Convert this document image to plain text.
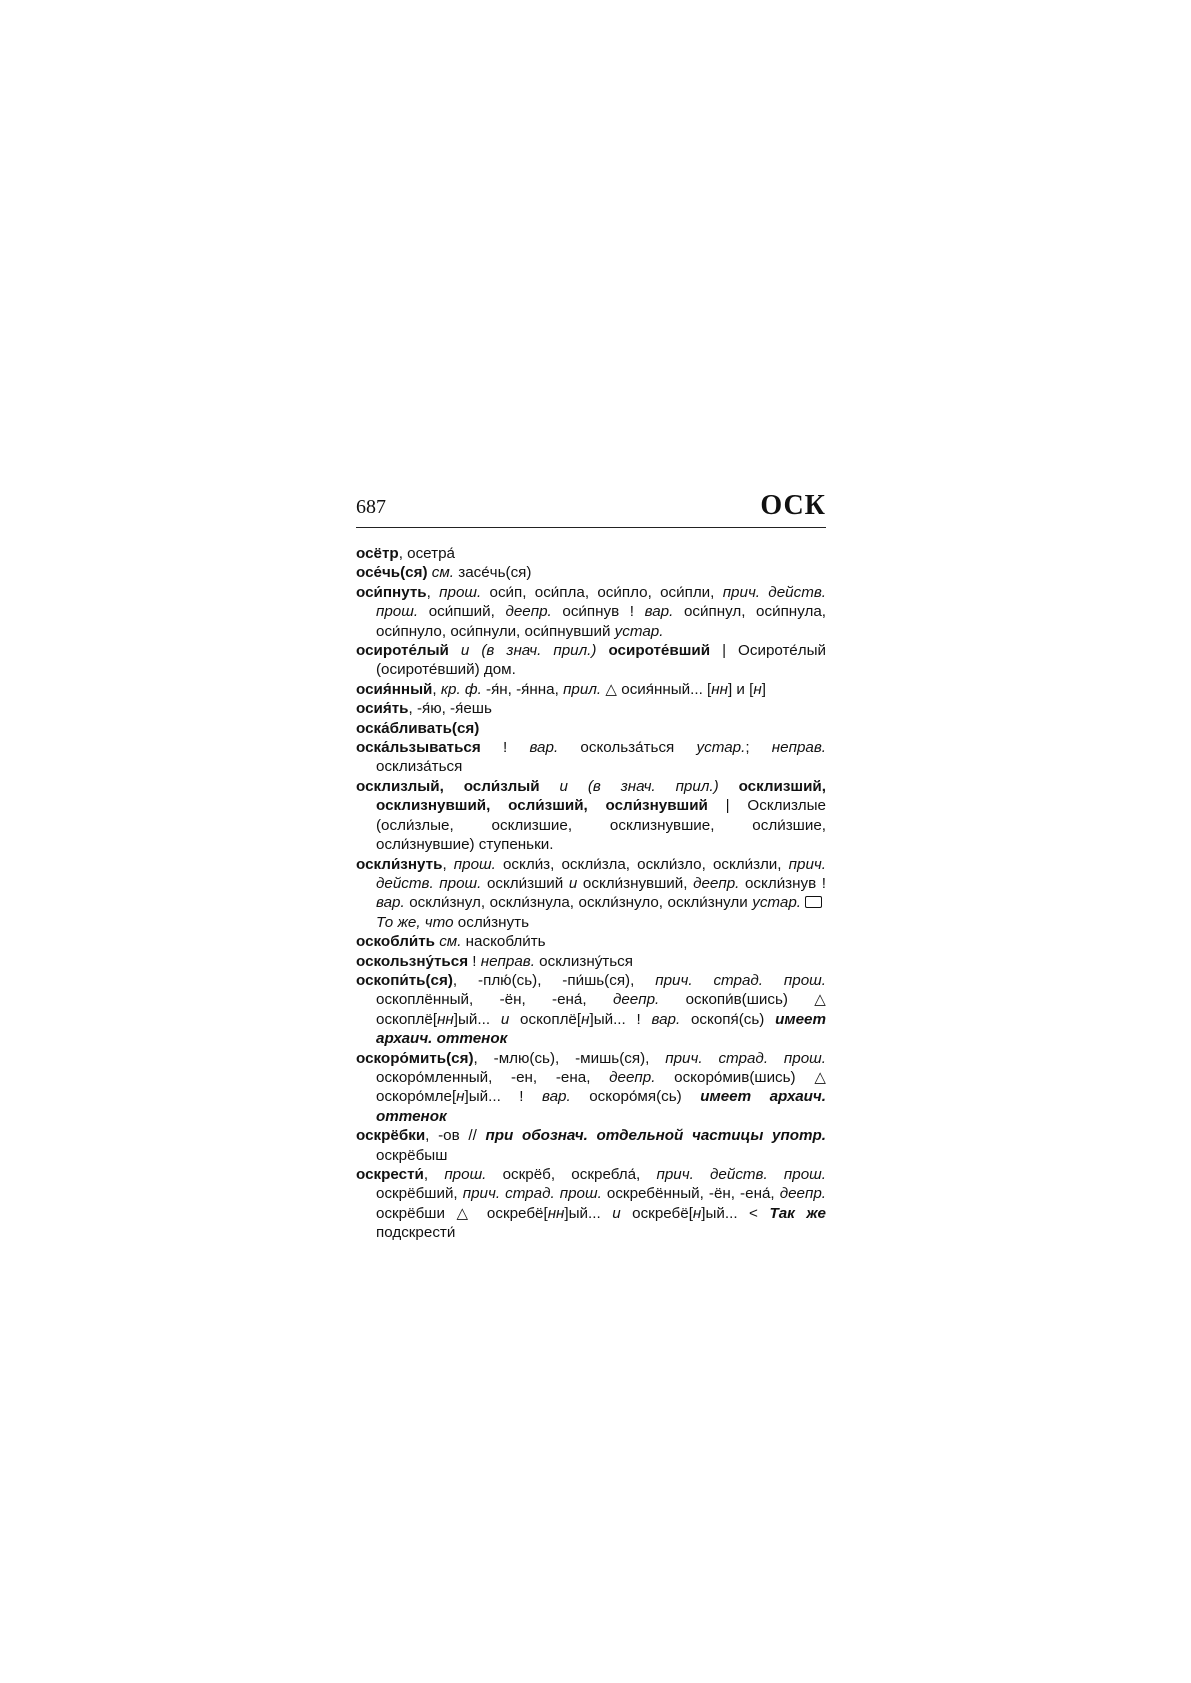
687	ОСК

осётр, осетра́

осе́чь(ся) см. засе́чь(ся)

оси́пнуть, прош. оси́п, оси́пла, оси́пло, оси́пли, прич. действ. прош. оси́пший, деепр. оси́пнув ! вар. оси́пнул, оси́пнула, оси́пнуло, оси́пнули, оси́пнувший устар.

осироте́лый и (в знач. прил.) осироте́вший | Осироте́лый (осироте́вший) дом.

осия́нный, кр. ф. -я́н, -я́нна, прил. △ осия́нный... [нн] и [н]

осия́ть, -я́ю, -я́ешь

оска́бливать(ся)

оска́льзываться ! вар. оскольза́ться устар.; неправ. осклиза́ться

осклизлый, осли́злый и (в знач. прил.) осклизший, осклизнувший, осли́зший, осли́знувший | Осклизлые (осли́злые, осклизшие, осклизнувшие, осли́зшие, осли́знувшие) ступеньки.

оскли́знуть, прош. оскли́з, оскли́зла, оскли́зло, оскли́зли, прич. действ. прош. оскли́зший и оскли́знувший, деепр. оскли́знув ! вар. оскли́знул, оскли́знула, оскли́знуло, оскли́знули устар.То же, что осли́знуть

оскобли́ть см. наскобли́ть

оскользну́ться ! неправ. осклизну́ться

оскопи́ть(ся), -плю́(сь), -пи́шь(ся), прич. страд. прош. оскоплённый, -ён, -ена́, деепр. оскопи́в(шись) △ оскоплё[нн]ый... и оскоплё[н]ый... ! вар. оскопя́(сь) имеет архаич. оттенок

оскоро́мить(ся), -млю(сь), -мишь(ся), прич. страд. прош. оскоро́мленный, -ен, -ена, деепр. оскоро́мив(шись) △ оскоро́мле[н]ый... ! вар. оскоро́мя(сь) имеет архаич. оттенок

оскрёбки, -ов // при обознач. отдельной частицы употр. оскрёбыш

оскрести́, прош. оскрёб, оскребла́, прич. действ. прош. оскрёбший, прич. страд. прош. оскребённый, -ён, -ена́, деепр. оскрёбши △ оскребё[нн]ый... и оскребё[н]ый... < Так же подскрести́
